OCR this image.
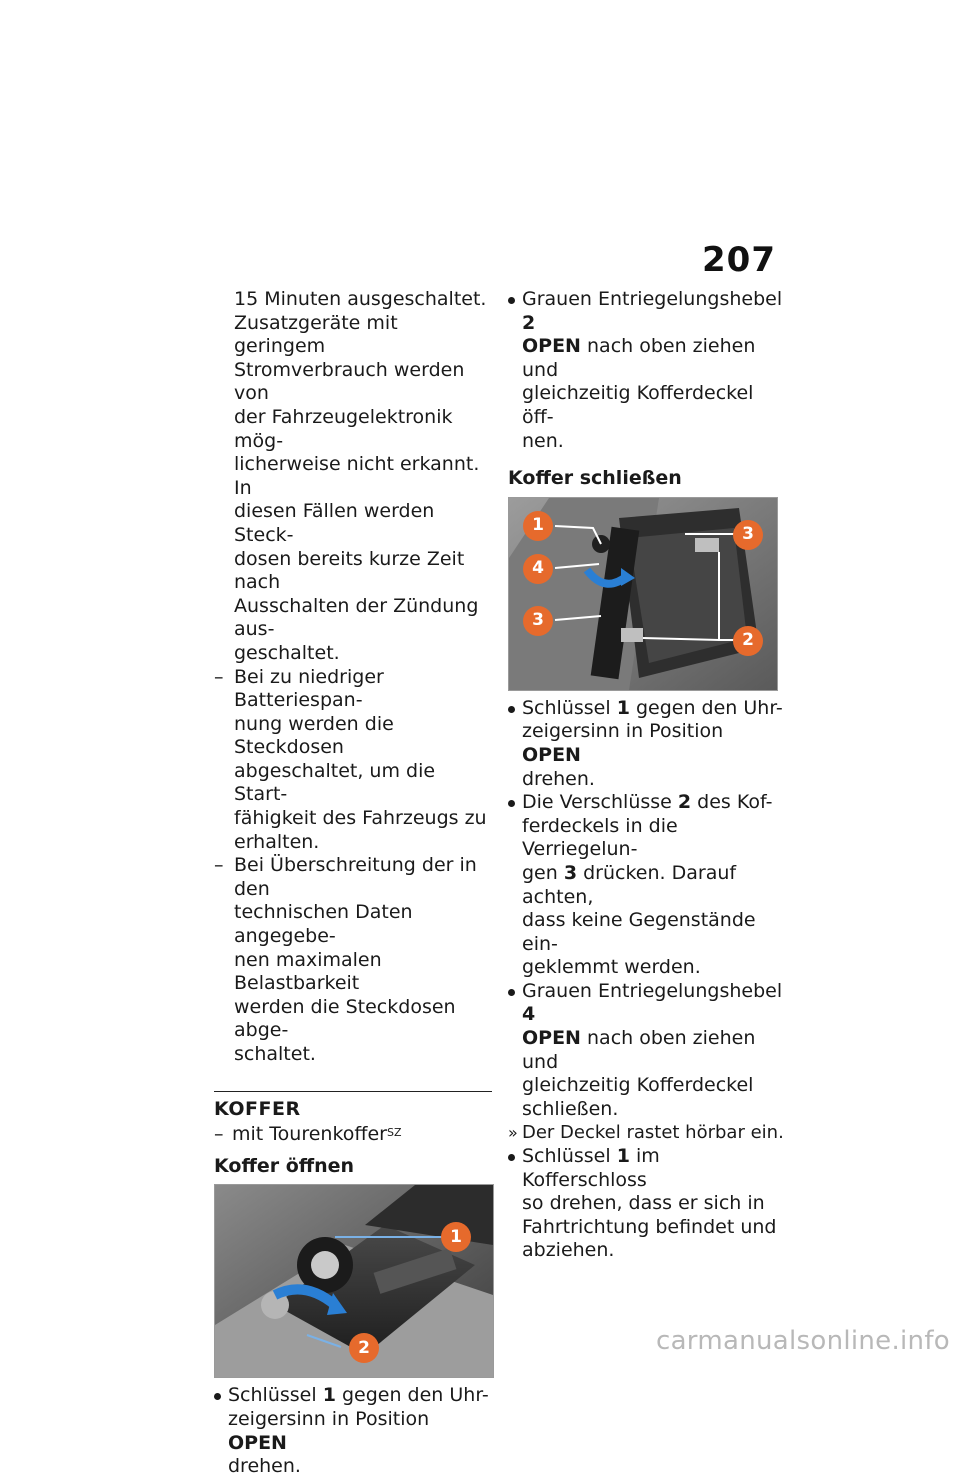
207
15 Minuten ausgeschaltet.
Zusatzgeräte mit geringem
Stromverbrauch werden von
der Fahrzeugelektronik mög-
licherweise nicht erkannt. In
diesen Fällen werden Steck-
dosen bereits kurze Zeit nach
Ausschalten der Zündung aus-
geschaltet.
– Bei zu niedriger Batteriespan-
nung werden die Steckdosen
abgeschaltet, um die Start-
fähigkeit des Fahrzeugs zu
erhalten.
– Bei Überschreitung der in den
technischen Daten angegebe-
nen maximalen Belastbarkeit
werden die Steckdosen abge-
schaltet.
KOFFER
– mit Tourenkoffer$^{SZ}$
Koffer öffnen
1
2
Schlüssel 1 gegen den Uhr-
zeigersinn in Position OPEN
drehen.
Grauen Entriegelungshebel 2
OPEN nach oben ziehen und
gleichzeitig Kofferdeckel öff-
nen.
Koffer schließen
1
4
3
3
2
Schlüssel 1 gegen den Uhr-
zeigersinn in Position OPEN
drehen.
Die Verschlüsse 2 des Kof-
ferdeckels in die Verriegelun-
gen 3 drücken. Darauf achten,
dass keine Gegenstände ein-
geklemmt werden.
Grauen Entriegelungshebel 4
OPEN nach oben ziehen und
gleichzeitig Kofferdeckel
schließen.
» Der Deckel rastet hörbar ein.
Schlüssel 1 im Kofferschloss
so drehen, dass er sich in
Fahrtrichtung befindet und
abziehen.
carmanualsonline.info
